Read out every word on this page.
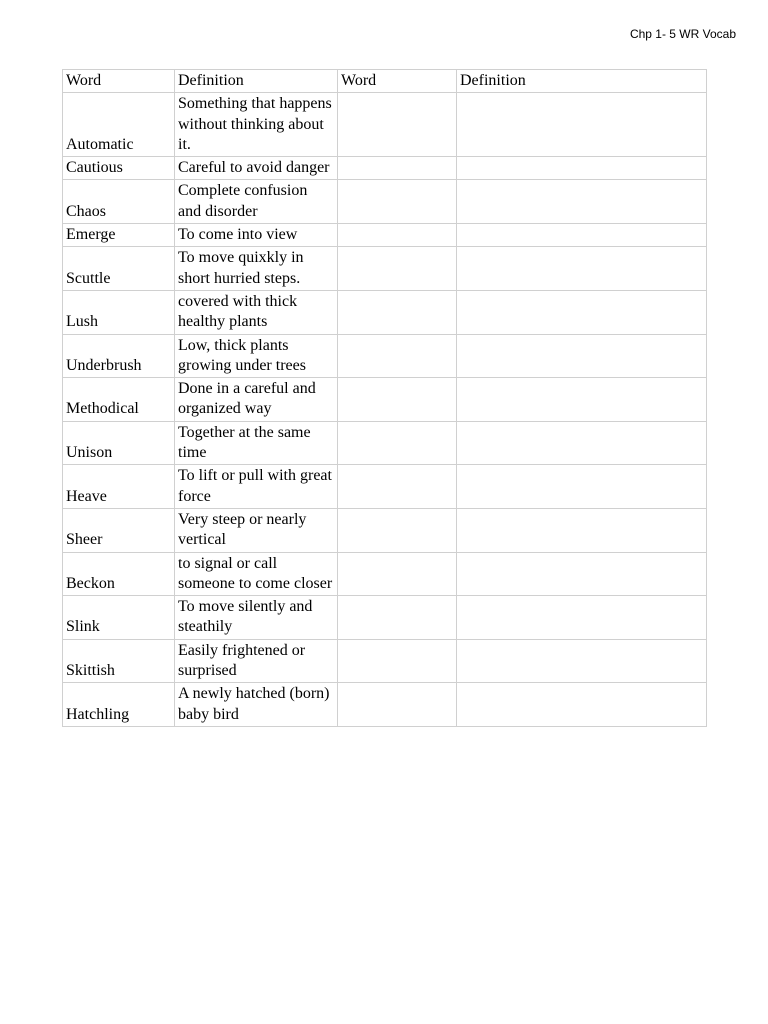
Chp 1- 5 WR Vocab
Word	Definition	Word	Definition
Automatic	Something that happens without thinking about it.		
Cautious	Careful to avoid danger		
Chaos	Complete confusion and disorder		
Emerge	To come into view		
Scuttle	To move quixkly in short hurried steps.		
Lush	covered with thick healthy plants		
Underbrush	Low, thick plants growing under trees		
Methodical	Done in a careful and organized way		
Unison	Together at the same time		
Heave	To lift or pull with great force		
Sheer	Very steep or nearly vertical		
Beckon	to signal or call someone to come closer		
Slink	To move silently and steathily		
Skittish	Easily frightened or surprised		
Hatchling	A newly hatched (born) baby bird		
